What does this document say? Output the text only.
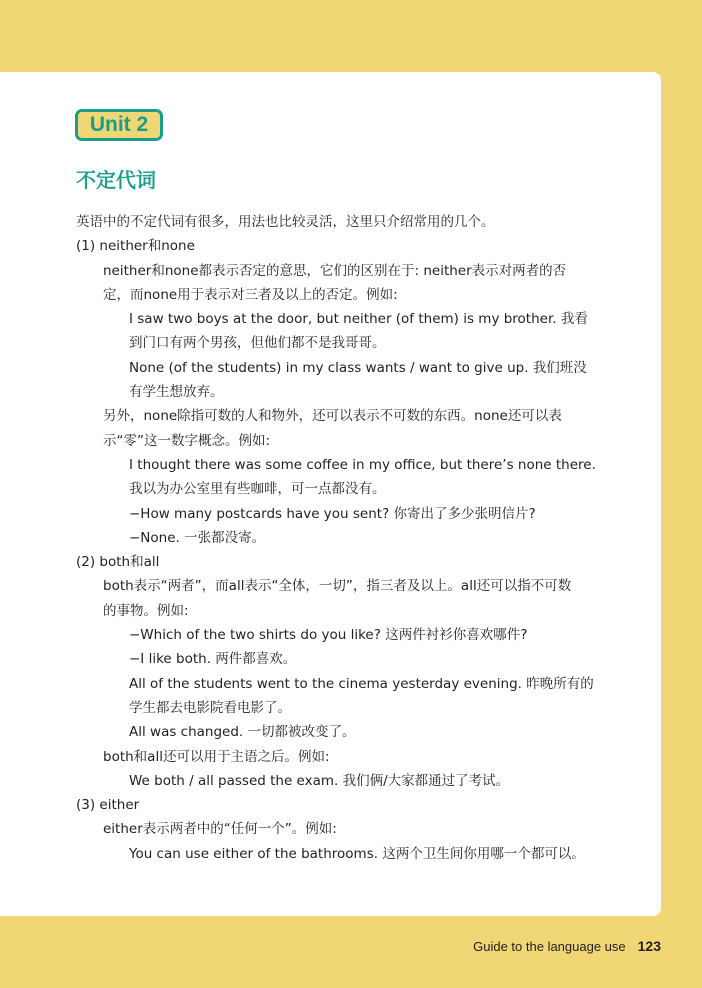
Unit 2
不定代词
英语中的不定代词有很多，用法也比较灵活，这里只介绍常用的几个。
(1) neither和none
neither和none都表示否定的意思，它们的区别在于: neither表示对两者的否
定，而none用于表示对三者及以上的否定。例如:
I saw two boys at the door, but neither (of them) is my brother. 我看
到门口有两个男孩，但他们都不是我哥哥。
None (of the students) in my class wants / want to give up. 我们班没
有学生想放弃。
另外，none除指可数的人和物外，还可以表示不可数的东西。none还可以表
示“零”这一数字概念。例如:
I thought there was some coffee in my office, but there’s none there.
我以为办公室里有些咖啡，可一点都没有。
−How many postcards have you sent? 你寄出了多少张明信片?
−None. 一张都没寄。
(2) both和all
both表示“两者”，而all表示“全体，一切”，指三者及以上。all还可以指不可数
的事物。例如:
−Which of the two shirts do you like? 这两件衬衫你喜欢哪件?
−I like both. 两件都喜欢。
All of the students went to the cinema yesterday evening. 昨晚所有的
学生都去电影院看电影了。
All was changed. 一切都被改变了。
both和all还可以用于主语之后。例如:
We both / all passed the exam. 我们俩/大家都通过了考试。
(3) either
either表示两者中的“任何一个”。例如:
You can use either of the bathrooms. 这两个卫生间你用哪一个都可以。
Guide to the language use 123
